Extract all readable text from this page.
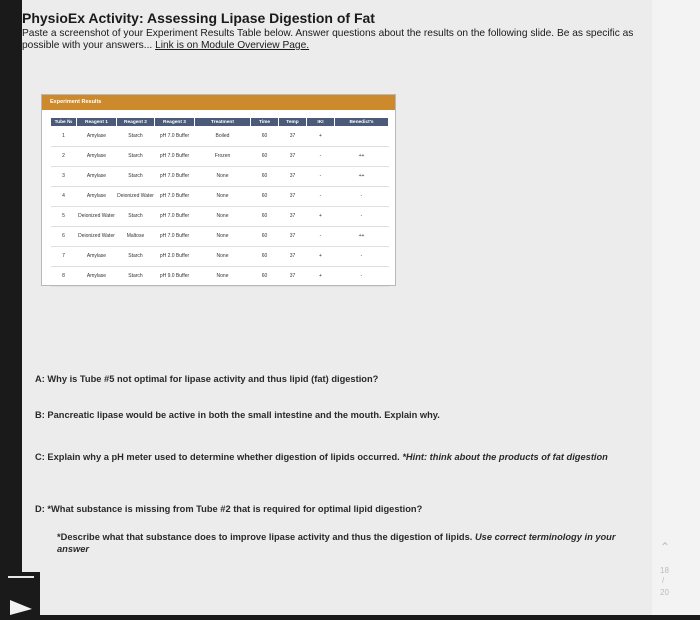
PhysioEx Activity: Assessing Lipase Digestion of Fat
Paste a screenshot of your Experiment Results Table below. Answer questions about the results on the following slide. Be as specific as possible with your answers... Link is on Module Overview Page.
Experiment Results
Tube №	Reagent 1	Reagent 2	Reagent 3	Treatment	Time	Temp	IKI	Benedict's
1	Amylase	Starch	pH 7.0 Buffer	Boiled	60	37	+	
2	Amylase	Starch	pH 7.0 Buffer	Frozen	60	37	-	++
3	Amylase	Starch	pH 7.0 Buffer	None	60	37	-	++
4	Amylase	Deionized Water	pH 7.0 Buffer	None	60	37	-	-
5	Deionized Water	Starch	pH 7.0 Buffer	None	60	37	+	-
6	Deionized Water	Maltose	pH 7.0 Buffer	None	60	37	-	++
7	Amylase	Starch	pH 2.0 Buffer	None	60	37	+	-
8	Amylase	Starch	pH 9.0 Buffer	None	60	37	+	-
A: Why is Tube #5 not optimal for lipase activity and thus lipid (fat) digestion?
B: Pancreatic lipase would be active in both the small intestine and the mouth. Explain why.
C: Explain why a pH meter used to determine whether digestion of lipids occurred. *Hint: think about the products of fat digestion
D: *What substance is missing from Tube #2 that is required for optimal lipid digestion?
*Describe what that substance does to improve lipase activity and thus the digestion of lipids. Use correct terminology in your answer	⌃
18
/
20
